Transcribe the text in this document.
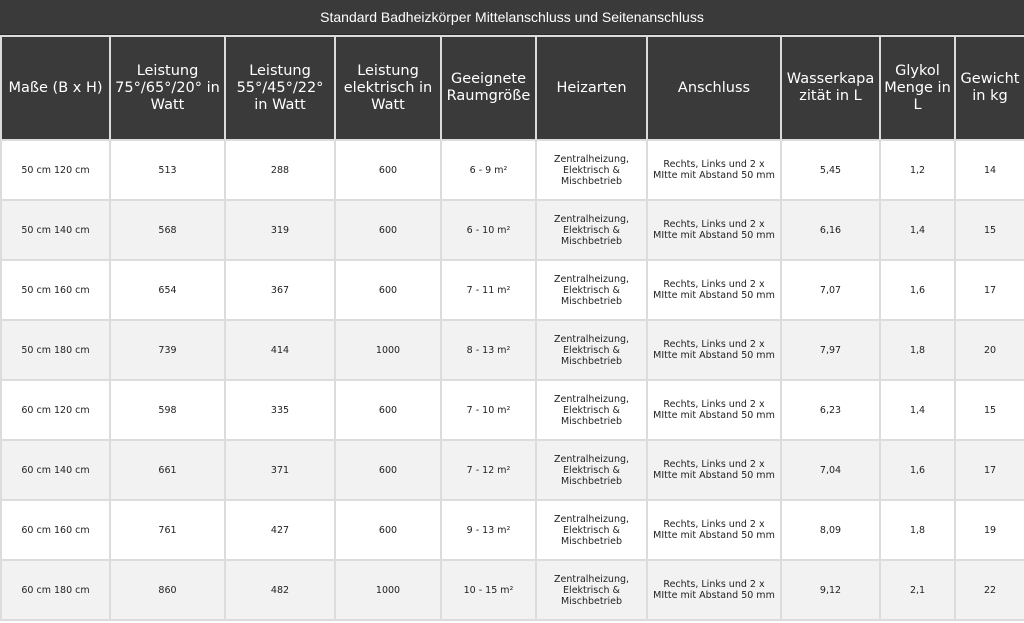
Standard Badheizkörper Mittelanschluss und Seitenanschluss
Maße (B x H)	Leistung 75°/65°/20° in Watt	Leistung 55°/45°/22° in Watt	Leistung elektrisch in Watt	Geeignete Raumgröße	Heizarten	Anschluss	Wasserkapa zität in L	Glykol Menge in L	Gewicht in kg
50 cm 120 cm	513	288	600	6 - 9 m²	Zentralheizung, Elektrisch & Mischbetrieb	Rechts, Links und 2 x MItte mit Abstand 50 mm	5,45	1,2	14
50 cm 140 cm	568	319	600	6 - 10 m²	Zentralheizung, Elektrisch & Mischbetrieb	Rechts, Links und 2 x MItte mit Abstand 50 mm	6,16	1,4	15
50 cm 160 cm	654	367	600	7 - 11 m²	Zentralheizung, Elektrisch & Mischbetrieb	Rechts, Links und 2 x MItte mit Abstand 50 mm	7,07	1,6	17
50 cm 180 cm	739	414	1000	8 - 13 m²	Zentralheizung, Elektrisch & Mischbetrieb	Rechts, Links und 2 x MItte mit Abstand 50 mm	7,97	1,8	20
60 cm 120 cm	598	335	600	7 - 10 m²	Zentralheizung, Elektrisch & Mischbetrieb	Rechts, Links und 2 x MItte mit Abstand 50 mm	6,23	1,4	15
60 cm 140 cm	661	371	600	7 - 12 m²	Zentralheizung, Elektrisch & Mischbetrieb	Rechts, Links und 2 x MItte mit Abstand 50 mm	7,04	1,6	17
60 cm 160 cm	761	427	600	9 - 13 m²	Zentralheizung, Elektrisch & Mischbetrieb	Rechts, Links und 2 x MItte mit Abstand 50 mm	8,09	1,8	19
60 cm 180 cm	860	482	1000	10 - 15 m²	Zentralheizung, Elektrisch & Mischbetrieb	Rechts, Links und 2 x MItte mit Abstand 50 mm	9,12	2,1	22
